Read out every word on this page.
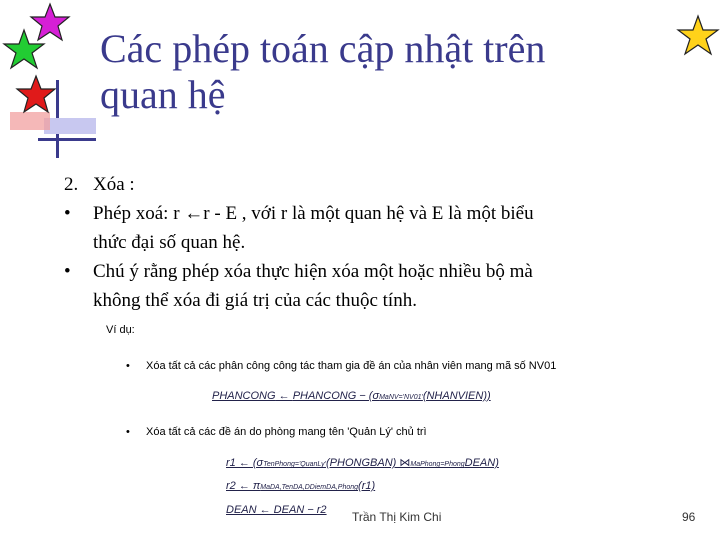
Các phép toán cập nhật trên
quan hệ
2. Xóa :
•	Phép xoá: r ←r - E , với r là một quan hệ và E là một biểu
thức đại số quan hệ.
•	Chú ý rằng phép xóa thực hiện xóa một hoặc nhiều bộ mà
không thể xóa đi giá trị của các thuộc tính.
Ví dụ:
• Xóa tất cả các phân công công tác tham gia đề án của nhân viên mang mã số NV01
PHANCONG ← PHANCONG − (σMaNV='NV01'(NHANVIEN))
• Xóa tất cả các đề án do phòng mang tên 'Quản Lý' chủ trì
r1 ← (σTenPhong='QuanLy'(PHONGBAN) ⋈MaPhong=PhongDEAN)
r2 ← πMaDA,TenDA,DDiemDA,Phong(r1)
DEAN ← DEAN − r2 Trần Thị Kim Chi	96
